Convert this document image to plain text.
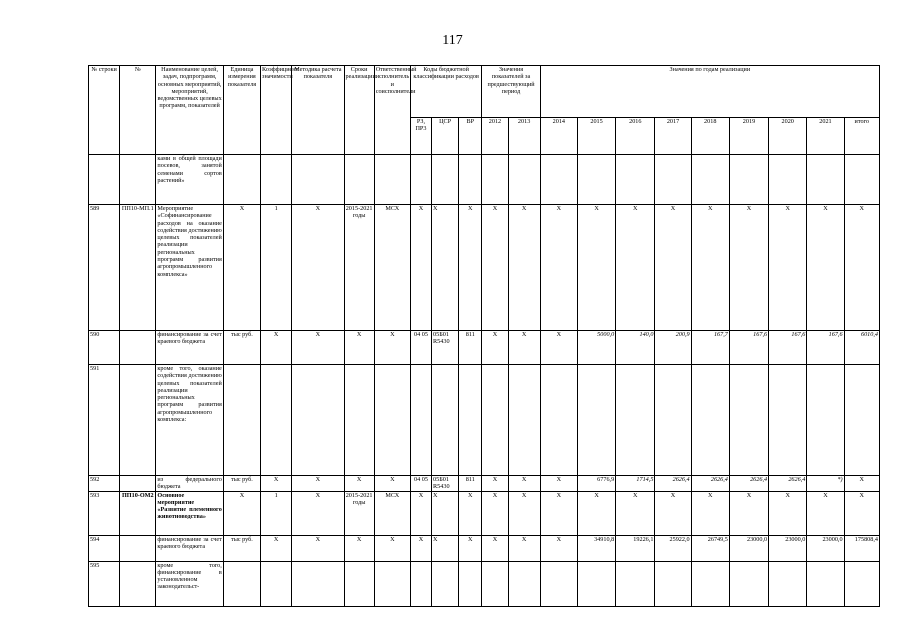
117
№ строки	№	Наименование целей, задач, подпрограмм, основных мероприятий, мероприятий, ведомственных целевых программ, показателей	Единица измерения показателя	Коэффициент значимости	Методика расчета показателя	Сроки реализации	Ответственный исполнитель и соисполнители	Коды бюджетной классификации расходов			Значения показателей за предшествующий период		Значения по годам реализации								
								РЗ, ПР3	ЦСР	ВР	2012	2013	2014	2015	2016	2017	2018	2019	2020	2021	итого
		ками в общей площади посевов, занятой семенами сортов растений»																			
589	ПП10-МП.1	Мероприятие «Софинансирование расходов на оказание содействия достижению целевых показателей реализации региональных программ развития агропромышленного комплекса»	Х	1	Х	2015-2021 годы	МСХ	Х	Х	Х	Х	Х	Х	Х	Х	Х	Х	Х	Х	Х	Х
590		финансирование за счет краевого бюджета	тыс руб.	Х	Х	Х	Х	04 05	05Б01 R5430	811	Х	Х	Х	5000,0	140,0	200,9	167,7	167,6	167,6	167,6	6010,4
591		кроме того, оказание содействия достижению целевых показателей реализации региональных программ развития агропромышленного комплекса:																			
592		из федерального бюджета	тыс руб.	Х	Х	Х	Х	04 05	05Б01 R5430	811	Х	Х	Х	6776,9	1714,5	2626,4	2626,4	2626,4	2626,4	*)	Х
593	ПП10-ОМ2	Основное мероприятие «Развитие племенного животноводства»	Х	1	Х	2015-2021 годы	МСХ	Х	Х	Х	Х	Х	Х	Х	Х	Х	Х	Х	Х	Х	Х
594		финансирование за счет краевого бюджета	тыс руб.	Х	Х	Х	Х	Х	Х	Х	Х	Х	Х	34910,8	19226,1	25922,0	26749,5	23000,0	23000,0	23000,0	175808,4
595		кроме того, финансирование в установленном законодательст-																			
